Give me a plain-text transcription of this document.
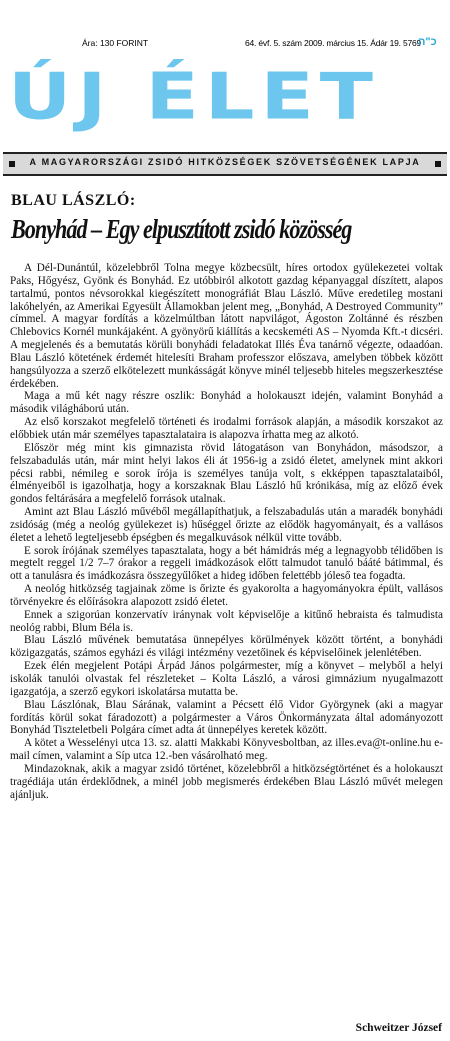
Ára: 130 FORINT	64. évf. 5. szám 2009. március 15. Ádár 19. 5769
כ"ה
ÚJ ÉLET
A MAGYARORSZÁGI ZSIDÓ HITKÖZSÉGEK SZÖVETSÉGÉNEK LAPJA
BLAU LÁSZLÓ:
Bonyhád – Egy elpusztított zsidó közösség

A Dél-Dunántúl, közelebbről Tolna megye közbecsült, híres ortodox gyülekezetei voltak Paks, Hőgyész, Gyönk és Bonyhád. Ez utóbbiról alkotott gazdag képanyaggal díszített, alapos tartalmú, pontos névsorokkal kiegészített monográfiát Blau László. Műve eredetileg mostani lakóhelyén, az Amerikai Egyesült Államokban jelent meg, „Bonyhád, A Destroyed Community” címmel. A magyar fordítás a közelmúltban látott napvilágot, Ágoston Zoltánné és részben Chlebovics Kornél munkájaként. A gyönyörű kiállítás a kecskeméti AS – Nyomda Kft.-t dicséri. A megjelenés és a bemutatás körüli bonyhádi feladatokat Illés Éva tanárnő végezte, odaadóan. Blau László kötetének érdemét hitelesíti Braham professzor előszava, amelyben többek között hangsúlyozza a szerző elkötelezett munkásságát könyve minél teljesebb hiteles megszerkesztése érdekében.

Maga a mű két nagy részre oszlik: Bonyhád a holokauszt idején, valamint Bonyhád a második világháború után.

Az első korszakot megfelelő történeti és irodalmi források alapján, a második korszakot az előbbiek után már személyes tapasztalataira is alapozva írhatta meg az alkotó.

Először még mint kis gimnazista rövid látogatáson van Bonyhádon, másodszor, a felszabadulás után, már mint helyi lakos éli át 1956-ig a zsidó életet, amelynek mint akkori pécsi rabbi, némileg e sorok írója is személyes tanúja volt, s ekképpen tapasztalataiból, élményeiből is igazolhatja, hogy a korszaknak Blau László hű krónikása, míg az előző évek gondos feltárására a megfelelő források utalnak.

Amint azt Blau László művéből megállapíthatjuk, a felszabadulás után a maradék bonyhádi zsidóság (még a neológ gyülekezet is) hűséggel őrizte az elődök hagyományait, és a vallásos életet a lehető legteljesebb épségben és megalkuvások nélkül vitte tovább.

E sorok írójának személyes tapasztalata, hogy a bét hámidrás még a legnagyobb télidőben is megtelt reggel 1/2 7–7 órakor a reggeli imádkozások előtt talmudot tanuló bááté bátimmal, és ott a tanulásra és imádkozásra összegyűlőket a hideg időben felettébb jóleső tea fogadta.

A neológ hitközség tagjainak zöme is őrizte és gyakorolta a hagyományokra épült, vallásos törvényekre és előírásokra alapozott zsidó életet.

Ennek a szigorúan konzervatív iránynak volt képviselője a kitűnő hebraista és talmudista neológ rabbi, Blum Béla is.

Blau László művének bemutatása ünnepélyes körülmények között történt, a bonyhádi közigazgatás, számos egyházi és világi intézmény vezetőinek és képviselőinek jelenlétében.

Ezek élén megjelent Potápi Árpád János polgármester, míg a könyvet – melyből a helyi iskolák tanulói olvastak fel részleteket – Kolta László, a városi gimnázium nyugalmazott igazgatója, a szerző egykori iskolatársa mutatta be.

Blau Lászlónak, Blau Sárának, valamint a Pécsett élő Vidor Györgynek (aki a magyar fordítás körül sokat fáradozott) a polgármester a Város Önkormányzata által adományozott Bonyhád Tiszteletbeli Polgára címet adta át ünnepélyes keretek között.

A kötet a Wesselényi utca 13. sz. alatti Makkabi Könyvesboltban, az illes.eva@t-online.hu e-mail címen, valamint a Síp utca 12.-ben vásárolható meg.

Mindazoknak, akik a magyar zsidó történet, közelebbről a hitközségtörténet és a holokauszt tragédiája után érdeklődnek, a minél jobb megismerés érdekében Blau László művét melegen ajánljuk.

Schweitzer József
